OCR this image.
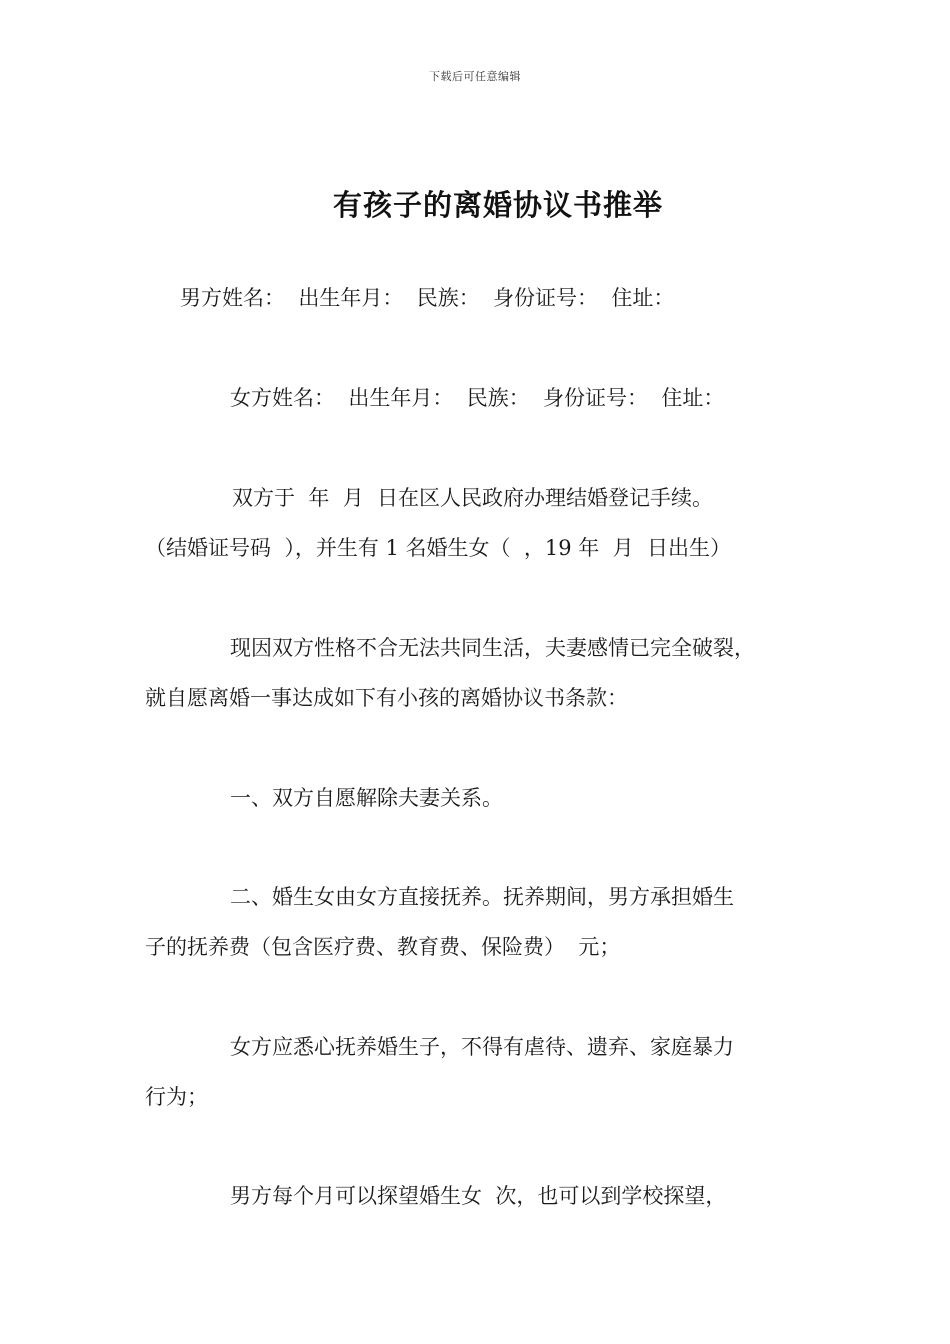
下载后可任意编辑
有孩子的离婚协议书推举
男方姓名：  出生年月：  民族：  身份证号：  住址：
女方姓名：  出生年月：  民族：  身份证号：  住址：
双方于  年  月  日在区人民政府办理结婚登记手续。
（结婚证号码  ），并生有 1 名婚生女（  ，19 年  月  日出生）
现因双方性格不合无法共同生活，夫妻感情已完全破裂，
就自愿离婚一事达成如下有小孩的离婚协议书条款：
一、双方自愿解除夫妻关系。
二、婚生女由女方直接抚养。抚养期间，男方承担婚生
子的抚养费（包含医疗费、教育费、保险费）  元；
女方应悉心抚养婚生子，不得有虐待、遗弃、家庭暴力
行为；
男方每个月可以探望婚生女  次，也可以到学校探望，
